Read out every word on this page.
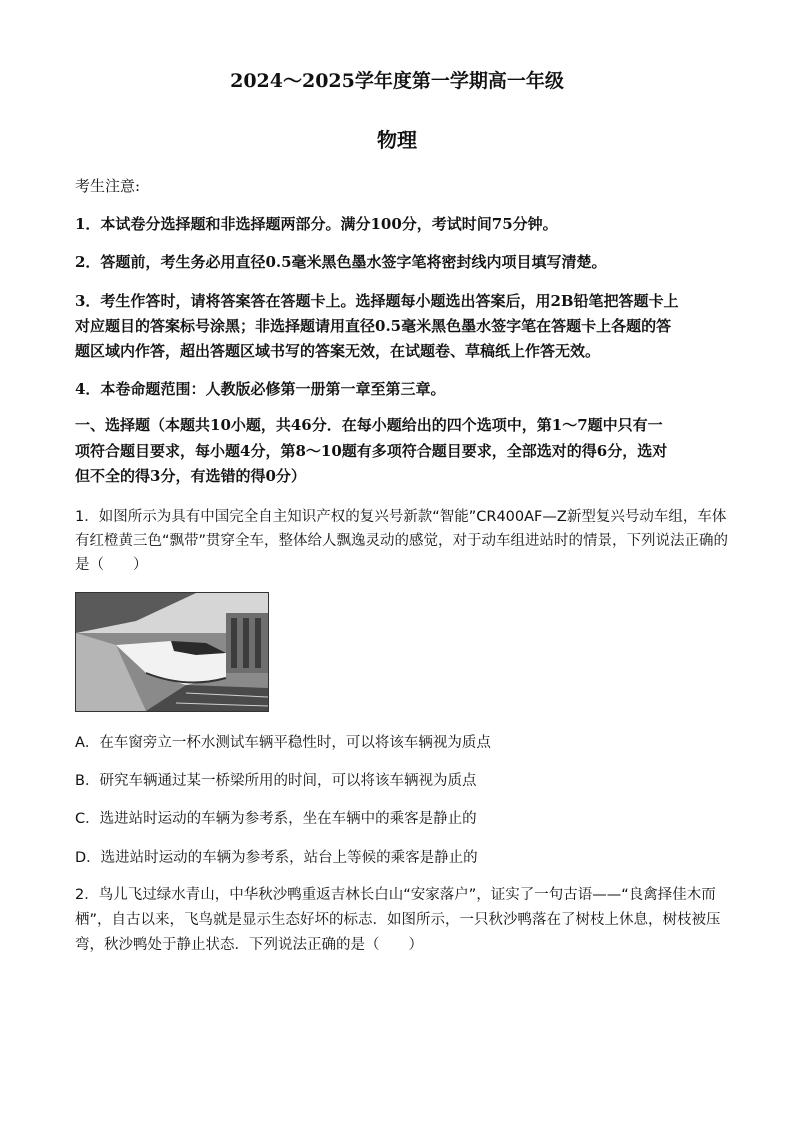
2024～2025学年度第一学期高一年级
物理
考生注意:
1．本试卷分选择题和非选择题两部分。满分100分，考试时间75分钟。
2．答题前，考生务必用直径0.5毫米黑色墨水签字笔将密封线内项目填写清楚。
3．考生作答时，请将答案答在答题卡上。选择题每小题选出答案后，用2B铅笔把答题卡上
对应题目的答案标号涂黑；非选择题请用直径0.5毫米黑色墨水签字笔在答题卡上各题的答
题区域内作答，超出答题区域书写的答案无效，在试题卷、草稿纸上作答无效。
4．本卷命题范围：人教版必修第一册第一章至第三章。
一、选择题（本题共10小题，共46分．在每小题给出的四个选项中，第1～7题中只有一
项符合题目要求，每小题4分，第8～10题有多项符合题目要求，全部选对的得6分，选对
但不全的得3分，有选错的得0分）
1．如图所示为具有中国完全自主知识产权的复兴号新款“智能”CR400AF—Z新型复兴号动车组，车体
有红橙黄三色“飘带”贯穿全车，整体给人飘逸灵动的感觉，对于动车组进站时的情景，下列说法正确的
是（　　）
A．在车窗旁立一杯水测试车辆平稳性时，可以将该车辆视为质点
B．研究车辆通过某一桥梁所用的时间，可以将该车辆视为质点
C．选进站时运动的车辆为参考系，坐在车辆中的乘客是静止的
D．选进站时运动的车辆为参考系，站台上等候的乘客是静止的
2．鸟儿飞过绿水青山，中华秋沙鸭重返吉林长白山“安家落户”，证实了一句古语——“良禽择佳木而
栖”，自古以来，飞鸟就是显示生态好坏的标志．如图所示，一只秋沙鸭落在了树枝上休息，树枝被压
弯，秋沙鸭处于静止状态．下列说法正确的是（　　）
